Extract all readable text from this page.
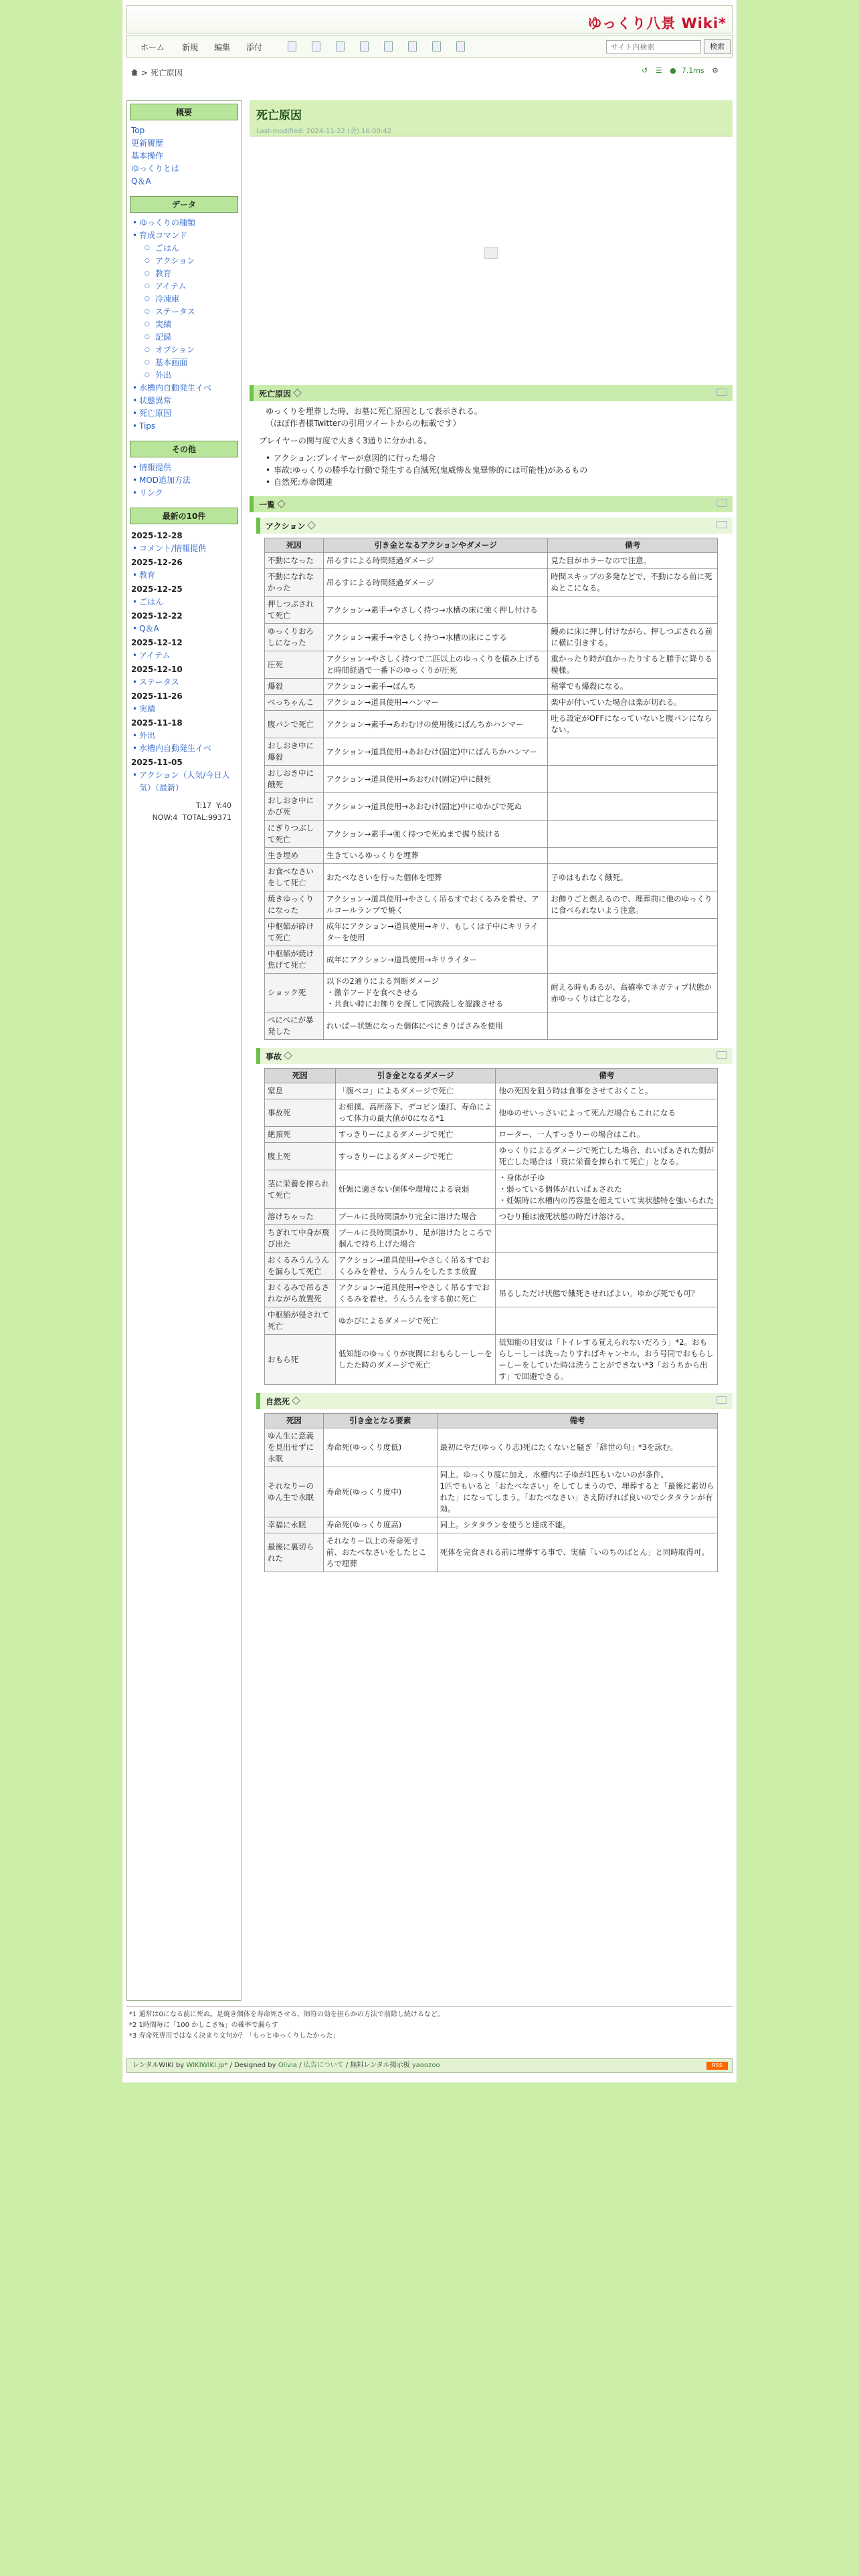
ゆっくり八景 Wiki*
ホーム 新規 編集 添付
サイト内検索	検索
> 死亡原因	↺ ☰ ● 7.1ms ⚙
概要
Top
更新履歴
基本操作
ゆっくりとは
Q＆A
データ
• ゆっくりの種類
• 育成コマンド
○ ごはん
○ アクション
○ 教育
○ アイテム
○ 冷凍庫
○ ステータス
○ 実績
○ 記録
○ オプション
○ 基本画面
○ 外出
• 水槽内自動発生イベ
• 状態異常
• 死亡原因
• Tips
その他
• 情報提供
• MOD追加方法
• リンク
最新の10件
2025-12-28
• コメント/情報提供
2025-12-26
• 教育
2025-12-25
• ごはん
2025-12-22
• Q＆A
2025-12-12
• アイテム
2025-12-10
• ステータス
2025-11-26
• 実績
2025-11-18
• 外出
• 水槽内自動発生イベ
2025-11-05
• アクション（人気/今日人気）（最新）
T:17 Y:40
NOW:4 TOTAL:99371
死亡原因
Last-modified: 2024-11-22 (金) 16:00:42
死亡原因
ゆっくりを埋葬した時、お墓に死亡原因として表示される。
（ほぼ作者様Twitterの引用ツイートからの転載です）
プレイヤーの関与度で大きく3通りに分かれる。
• アクション:プレイヤーが意図的に行った場合
• 事故:ゆっくりの勝手な行動で発生する自滅死(鬼威惨＆鬼畢惨的には可能性)があるもの
• 自然死:寿命関連
一覧
アクション
死因	引き金となるアクションやダメージ	備考
不動になった	吊るすによる時間経過ダメージ	見た目がホラーなので注意。
不動になれなかった	吊るすによる時間経過ダメージ	時間スキップの多発などで、不動になる前に死ぬとこになる。
押しつぶされて死亡	アクション→素手→やさしく持つ→水槽の床に強く押し付ける	
ゆっくりおろしになった	アクション→素手→やさしく持つ→水槽の床にこする	饅めに床に押し付けながら、押しつぶされる前に横に引きする。
圧死	アクション→やさしく持つで二匹以上のゆっくりを積み上げると時間経過で一番下のゆっくりが圧死	重かったり時が血かったりすると勝手に降りる模様。
爆殺	アクション→素手→ばんち	秘掌でも爆殺になる。
べっちゃんこ	アクション→道具使用→ハンマー	楽中が付いていた場合は楽が切れる。
腹パンで死亡	アクション→素手→あわむけの使用後にばんちかハンマー	吐る設定がOFFになっていないと腹パンにならない。
おしおき中に爆殺	アクション→道具使用→あおむけ(固定)中にばんちかハンマー	
おしおき中に餓死	アクション→道具使用→あおむけ(固定)中に餓死	
おしおき中にかび死	アクション→道具使用→あおむけ(固定)中にゆかびで死ぬ	
にぎりつぶして死亡	アクション→素手→強く持つで死ぬまで握り続ける	
生き埋め	生きているゆっくりを埋葬	
お食べなさいをして死亡	おたべなさいを行った個体を埋葬	子ゆはもれなく餓死。
焼きゆっくりになった	アクション→道具使用→やさしく吊るすでおくるみを着せ、アルコールランプで焼く	お飾りごと燃えるので、埋葬前に他のゆっくりに食べられないよう注意。
中枢餡が砕けて死亡	成年にアクション→道具使用→キリ、もしくは子中にキリライターを使用	
中枢餡が焼け焦げて死亡	成年にアクション→道具使用→キリライター	
ショック死	以下の2通りによる判断ダメージ
・激辛フードを食べさせる
・共食い時にお飾りを探して同族殺しを認識させる	耐える時もあるが、高確率でネガティブ状態か赤ゆっくりは亡となる。
ぺにぺにが暴発した	れいぱー状態になった個体にぺにきりばさみを使用	
事故
死因	引き金となるダメージ	備考
窒息	「腹ペコ」によるダメージで死亡	他の死因を狙う時は食事をさせておくこと。
事故死	お相撲、高所落下、デコピン連打、寿命によって体力の最大値が0になる*1	他ゆのせいっさいによって死んだ場合もこれになる
絶頂死	すっきりーによるダメージで死亡	ローター、一人すっきりーの場合はこれ。
腹上死	すっきりーによるダメージで死亡	ゆっくりによるダメージで死亡した場合、れいぱぁされた側が死亡した場合は「衰に栄養を捧られて死亡」となる。
茎に栄養を搾られて死亡	妊娠に適さない個体や環境による衰弱	・身体が子ゆ
・弱っている個体がれいぱぁされた
・妊娠時に水槽内の汚容量を超えていて実状態特を強いられた
溶けちゃった	プールに長時間漬かり完全に溶けた場合	つむり種は液死状態の時だけ溶ける。
ちぎれて中身が飛び出た	プールに長時間漬かり、足が溶けたところで掴んで持ち上げた場合	
おくるみうんうんを漏らして死亡	アクション→道具使用→やさしく吊るすでおくるみを着せ、うんうんをしたまま放置	
おくるみで吊るされながら放置死	アクション→道具使用→やさしく吊るすでおくるみを着せ、うんうんをする前に死亡	吊るしただけ状態で餓死させればよい。ゆかび死でも可？
中枢餡が侵されて死亡	ゆかびによるダメージで死亡	
おもら死	低知能のゆっくりが夜間におもらしーしーをしたた時のダメージで死亡	低知能の目安は「トイレする覚えられないだろう」*2。おもらしーしーは洗ったりすればキャンセル。おう号同でおもらしーしーをしていた時は洗うことができない*3「おうちから出す」で回避できる。
自然死
死因	引き金となる要素	備考
ゆん生に意義を見出せずに永眠	寿命死(ゆっくり度低)	最初にやだ(ゆっくり志)死にたくないと騒ぎ「辞世の句」*3を詠む。
それなりーのゆん生で永眠	寿命死(ゆっくり度中)	同上。ゆっくり度に加え、水槽内に子ゆが1匹もいないのが条件。
1匹でもいると「おたべなさい」をしてしまうので、埋葬すると「最後に素切られた」になってしまう。「おたべなさい」さえ防げれば良いのでシタタランが有効。
幸福に永眠	寿命死(ゆっくり度高)	同上。シタタランを使うと達成不能。
最後に裏切られた	それなりー以上の寿命死寸前、おたべなさいをしたところで埋葬	死体を完食される前に埋葬する事で、実績「いのちのばとん」と同時取得可。
*1 通常は0になる前に死ぬ。足焼き個体を寿命死させる、師符の効を担らかの方法で前除し続けるなど。
*2 1時間毎に「100 かしこさ%」の確率で漏らす
*3 寿命死専用ではなく決まり文句か？「もっとゆっくりしたかった」
レンタルWIKI by WIKIWIKI.jp* / Designed by Olivia / 広告について / 無料レンタル掲示板 yaoozoo	RSS
